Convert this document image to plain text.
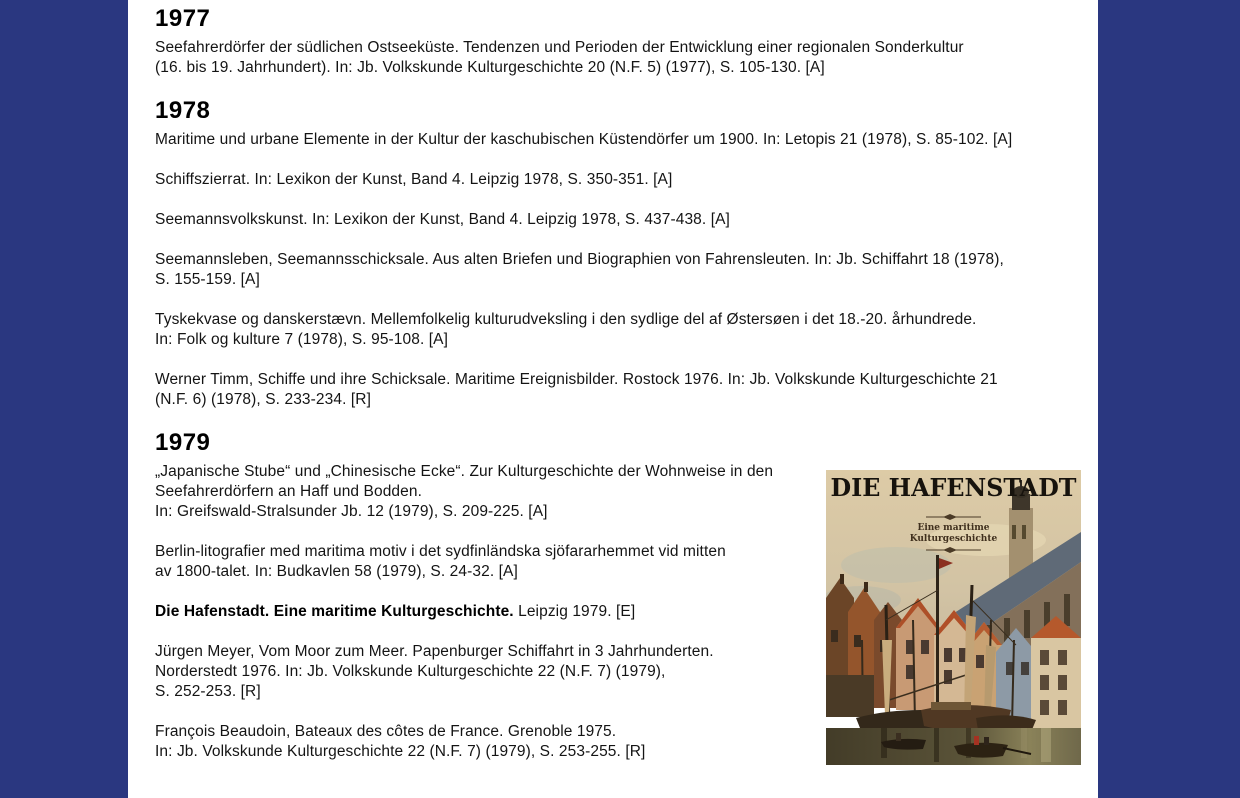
1977

Seefahrerdörfer der südlichen Ostseeküste. Tendenzen und Perioden der Entwicklung einer regionalen Sonderkultur
(16. bis 19. Jahrhundert). In: Jb. Volkskunde Kulturgeschichte 20 (N.F. 5) (1977), S. 105-130. [A]

1978

Maritime und urbane Elemente in der Kultur der kaschubischen Küstendörfer um 1900. In: Letopis 21 (1978), S. 85-102. [A]

Schiffszierrat. In: Lexikon der Kunst, Band 4. Leipzig 1978, S. 350-351. [A]

Seemannsvolkskunst. In: Lexikon der Kunst, Band 4. Leipzig 1978, S. 437-438. [A]

Seemannsleben, Seemannsschicksale. Aus alten Briefen und Biographien von Fahrensleuten. In: Jb. Schiffahrt 18 (1978),
S. 155-159. [A]

Tyskekvase og danskerstævn. Mellemfolkelig kulturudveksling i den sydlige del af Østersøen i det 18.-20. århundrede.
In: Folk og kulture 7 (1978), S. 95-108. [A]

Werner Timm, Schiffe und ihre Schicksale. Maritime Ereignisbilder. Rostock 1976. In: Jb. Volkskunde Kulturgeschichte 21
(N.F. 6) (1978), S. 233-234. [R]

1979

„Japanische Stube“ und „Chinesische Ecke“. Zur Kulturgeschichte der Wohnweise in den
Seefahrerdörfern an Haff und Bodden.
In: Greifswald-Stralsunder Jb. 12 (1979), S. 209-225. [A]

Berlin-litografier med maritima motiv i det sydfinländska sjöfararhemmet vid mitten
av 1800-talet. In: Budkavlen 58 (1979), S. 24-32. [A]

Die Hafenstadt. Eine maritime Kulturgeschichte. Leipzig 1979. [E]

Jürgen Meyer, Vom Moor zum Meer. Papenburger Schiffahrt in 3 Jahrhunderten.
Norderstedt 1976. In: Jb. Volkskunde Kulturgeschichte 22 (N.F. 7) (1979),
S. 252-253. [R]

François Beaudoin, Bateaux des côtes de France. Grenoble 1975.
In: Jb. Volkskunde Kulturgeschichte 22 (N.F. 7) (1979), S. 253-255. [R]

DIE HAFENSTADT
Eine maritime
Kulturgeschichte
